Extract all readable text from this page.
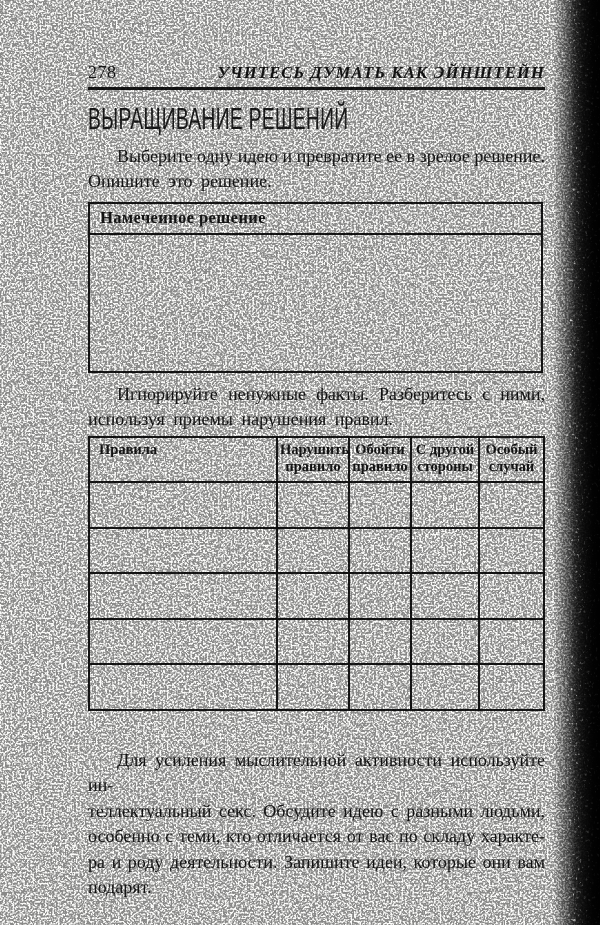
278	УЧИТЕСЬ ДУМАТЬ КАК ЭЙНШТЕЙН
ВЫРАЩИВАНИЕ РЕШЕНИЙ
Выберите одну идею и превратите ее в зрелое решение.
Опишите это решение.
Намечеиное решение
Игнорируйте ненужные факты. Разберитесь с ними,
используя приемы нарушения правил.
Правила	Нарушить правило	Обойти правнло	С другой стороны	Особый случай

Для усиления мыслительной активности используйте ин-
теллектуальный секс. Обсудите идею с разными людьми,
особенно с теми, кто отличается от вас по складу характе-
ра и роду деятельности. Запишите идеи, которые они вам
подарят.
